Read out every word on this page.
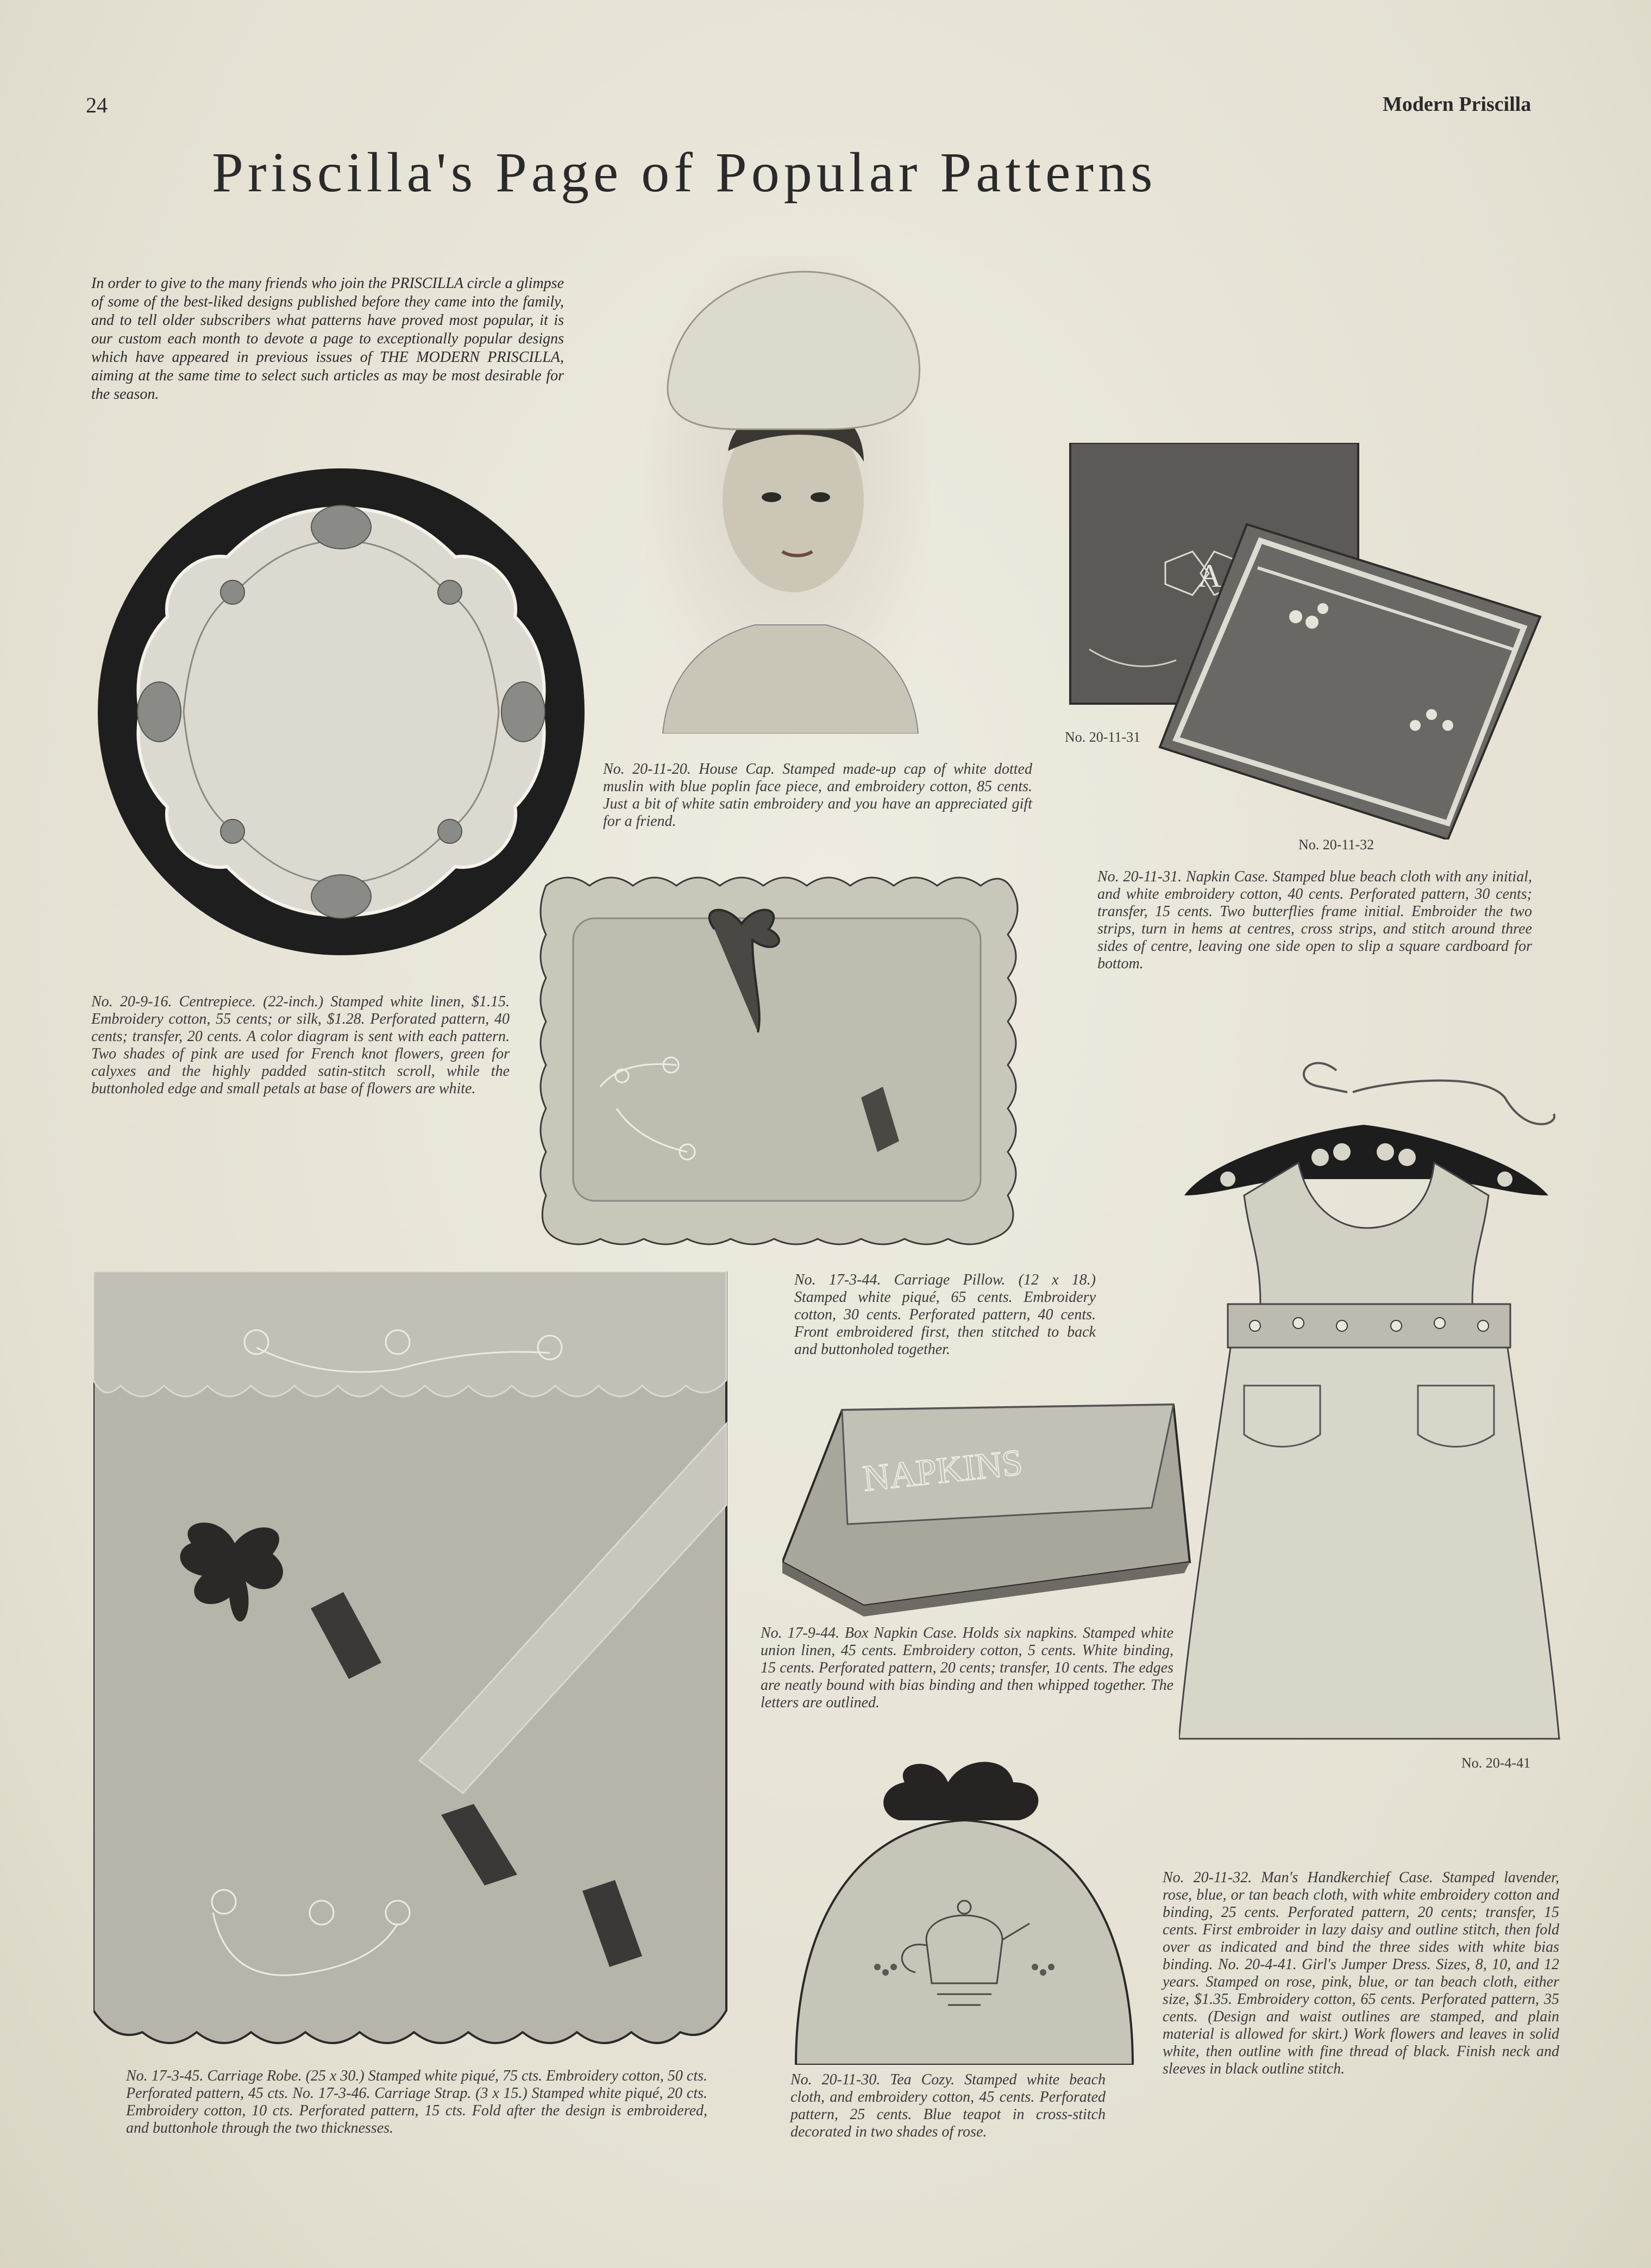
24	Modern Priscilla
Priscilla's Page of Popular Patterns
In order to give to the many friends who join the PRISCILLA circle a glimpse of some of the best-liked designs published before they came into the family, and to tell older subscribers what patterns have proved most popular, it is our custom each month to devote a page to exceptionally popular designs which have appeared in previous issues of THE MODERN PRISCILLA, aiming at the same time to select such articles as may be most desirable for the season.
No. 20-9-16. Centrepiece. (22-inch.) Stamped white linen, $1.15. Embroidery cotton, 55 cents; or silk, $1.28. Perforated pattern, 40 cents; transfer, 20 cents. A color diagram is sent with each pattern. Two shades of pink are used for French knot flowers, green for calyxes and the highly padded satin-stitch scroll, while the buttonholed edge and small petals at base of flowers are white.
No. 20-11-20. House Cap. Stamped made-up cap of white dotted muslin with blue poplin face piece, and embroidery cotton, 85 cents. Just a bit of white satin embroidery and you have an appreciated gift for a friend.
A
No. 20-11-31
No. 20-11-32
No. 20-11-31. Napkin Case. Stamped blue beach cloth with any initial, and white embroidery cotton, 40 cents. Perforated pattern, 30 cents; transfer, 15 cents. Two butterflies frame initial. Embroider the two strips, turn in hems at centres, cross strips, and stitch around three sides of centre, leaving one side open to slip a square cardboard for bottom.
No. 17-3-44. Carriage Pillow. (12 x 18.) Stamped white piqué, 65 cents. Embroidery cotton, 30 cents. Perforated pattern, 40 cents. Front embroidered first, then stitched to back and buttonholed together.
No. 20-4-41
No. 17-3-45. Carriage Robe. (25 x 30.) Stamped white piqué, 75 cts. Embroidery cotton, 50 cts. Perforated pattern, 45 cts. No. 17-3-46. Carriage Strap. (3 x 15.) Stamped white piqué, 20 cts. Embroidery cotton, 10 cts. Perforated pattern, 15 cts. Fold after the design is embroidered, and buttonhole through the two thicknesses.
NAPKINS
No. 17-9-44. Box Napkin Case. Holds six napkins. Stamped white union linen, 45 cents. Embroidery cotton, 5 cents. White binding, 15 cents. Perforated pattern, 20 cents; transfer, 10 cents. The edges are neatly bound with bias binding and then whipped together. The letters are outlined.
No. 20-11-30. Tea Cozy. Stamped white beach cloth, and embroidery cotton, 45 cents. Perforated pattern, 25 cents. Blue teapot in cross-stitch decorated in two shades of rose.
No. 20-11-32. Man's Handkerchief Case. Stamped lavender, rose, blue, or tan beach cloth, with white embroidery cotton and binding, 25 cents. Perforated pattern, 20 cents; transfer, 15 cents. First embroider in lazy daisy and outline stitch, then fold over as indicated and bind the three sides with white bias binding. No. 20-4-41. Girl's Jumper Dress. Sizes, 8, 10, and 12 years. Stamped on rose, pink, blue, or tan beach cloth, either size, $1.35. Embroidery cotton, 65 cents. Perforated pattern, 35 cents. (Design and waist outlines are stamped, and plain material is allowed for skirt.) Work flowers and leaves in solid white, then outline with fine thread of black. Finish neck and sleeves in black outline stitch.
